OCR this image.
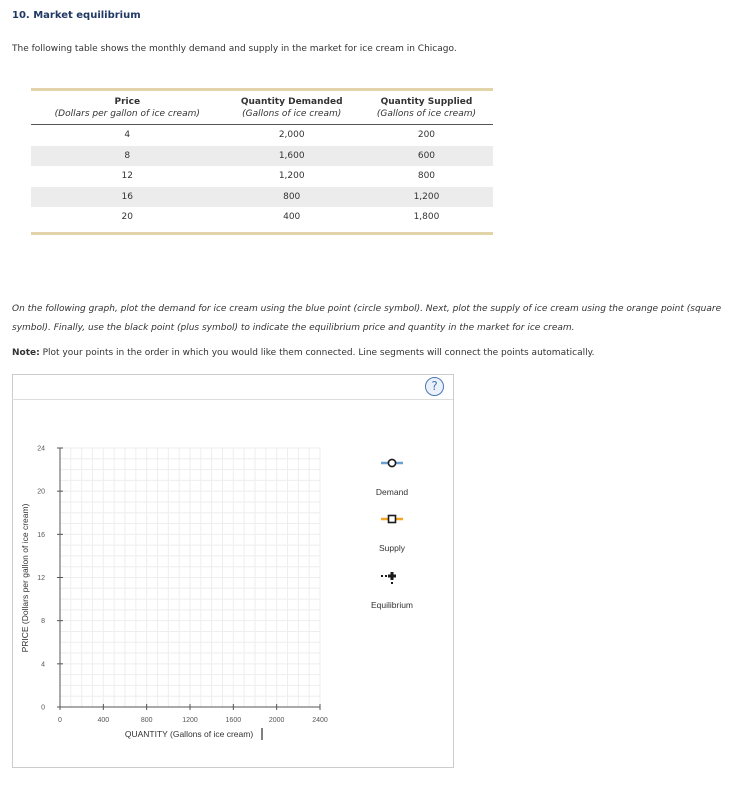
10. Market equilibrium
The following table shows the monthly demand and supply in the market for ice cream in Chicago.
Price	Quantity Demanded	Quantity Supplied
(Dollars per gallon of ice cream)	(Gallons of ice cream)	(Gallons of ice cream)
4	2,000	200
8	1,600	600
12	1,200	800
16	800	1,200
20	400	1,800
On the following graph, plot the demand for ice cream using the blue point (circle symbol). Next, plot the supply of ice cream using the orange point (square symbol). Finally, use the black point (plus symbol) to indicate the equilibrium price and quantity in the market for ice cream.
Note: Plot your points in the order in which you would like them connected. Line segments will connect the points automatically.
?
0
4
8
12
16
20
24
0	400	800	1200	1600	2000	2400
QUANTITY (Gallons of ice cream)
PRICE (Dollars per gallon of ice cream)
Demand
Supply
Equilibrium
